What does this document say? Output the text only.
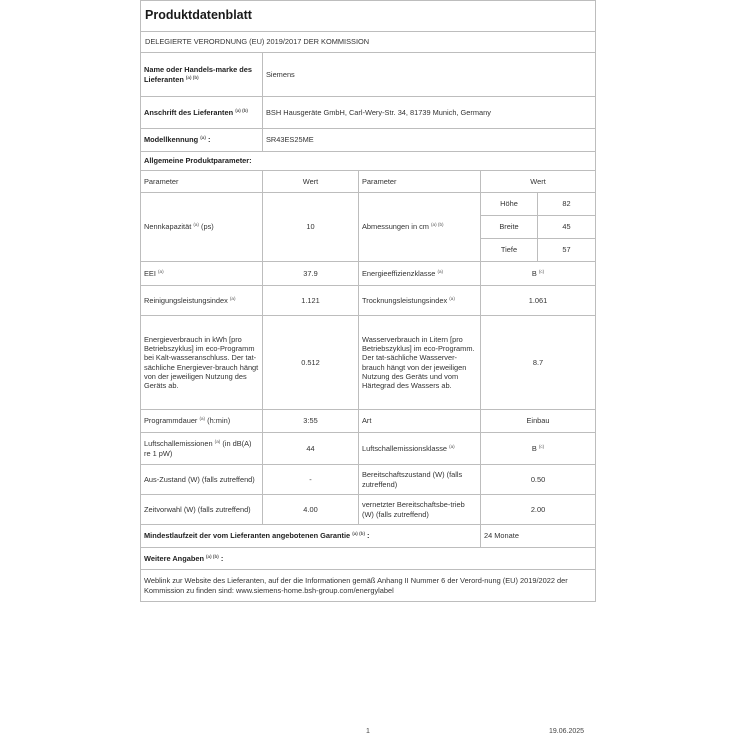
Produktdatenblatt				
DELEGIERTE VERORDNUNG (EU) 2019/2017 DER KOMMISSION				
Name oder Handels-marke des Lieferanten $^{(a) (b)}$	Siemens			
Anschrift des Lieferanten $^{(a) (b)}$	BSH Hausgeräte GmbH, Carl-Wery-Str. 34, 81739 Munich, Germany			
Modellkennung $^{(a)}$ :	SR43ES25ME			
Allgemeine Produktparameter:				
Parameter	Wert	Parameter	Wert	
Nennkapazität $^{(a)}$ (ps)	10	Abmessungen in cm $^{(a) (b)}$	Höhe	82
			Breite	45
			Tiefe	57
EEI $^{(a)}$	37.9	Energieeffizienzklasse $^{(a)}$	B $^{(c)}$
Reinigungsleistungsindex $^{(a)}$	1.121	Trocknungsleistungsindex $^{(a)}$	1.061	
Energieverbrauch in kWh [pro Betriebszyklus] im eco-Programm bei Kalt-wasseranschluss. Der tat-sächliche Energiever-brauch hängt von der jeweiligen Nutzung des Geräts ab.	0.512	Wasserverbrauch in Litern [pro Betriebszyklus] im eco-Programm. Der tat-sächliche Wasserver-brauch hängt von der jeweiligen Nutzung des Geräts und vom Härtegrad des Wassers ab.	8.7	
Programmdauer $^{(a)}$ (h:min)	3:55	Art	Einbau	
Luftschallemissionen $^{(a)}$ (in dB(A) re 1 pW)	44	Luftschallemissionsklasse $^{(a)}$	B $^{(c)}$
Aus-Zustand (W) (falls zutreffend)	-	Bereitschaftszustand (W) (falls zutreffend)	0.50	
Zeitvorwahl (W) (falls zutreffend)	4.00	vernetzter Bereitschaftsbe-trieb (W) (falls zutreffend)	2.00	
Mindestlaufzeit der vom Lieferanten angebotenen Garantie $^{(a) (b)}$ :			24 Monate	
Weitere Angaben $^{(a) (b)}$ :				
Weblink zur Website des Lieferanten, auf der die Informationen gemäß Anhang II Nummer 6 der Verord-nung (EU) 2019/2022 der Kommission zu finden sind: www.siemens-home.bsh-group.com/energylabel				
1	19.06.2025
